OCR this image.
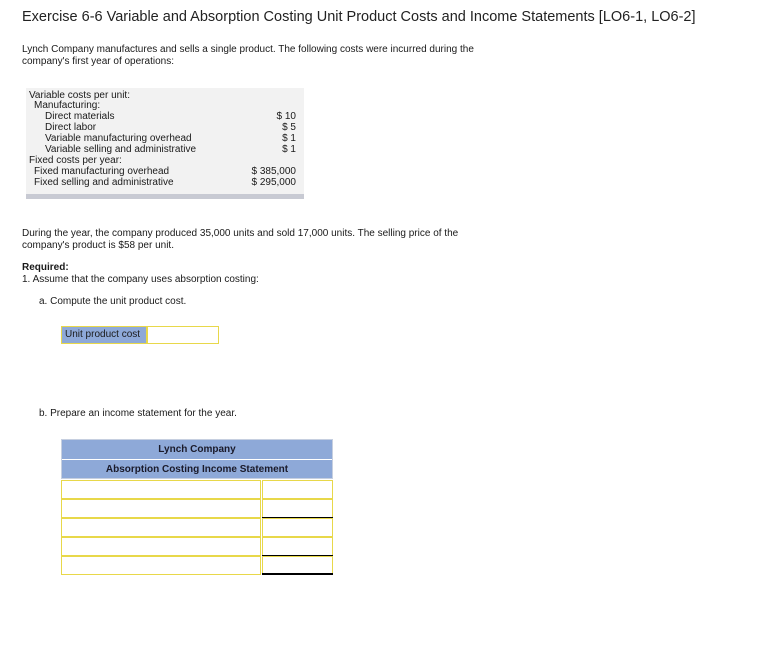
Exercise 6-6 Variable and Absorption Costing Unit Product Costs and Income Statements [LO6-1, LO6-2]
Lynch Company manufactures and sells a single product. The following costs were incurred during the company's first year of operations:
Variable costs per unit:
Manufacturing:
Direct materials	$ 10
Direct labor	$ 5
Variable manufacturing overhead	$ 1
Variable selling and administrative	$ 1
Fixed costs per year:
Fixed manufacturing overhead	$ 385,000
Fixed selling and administrative	$ 295,000
During the year, the company produced 35,000 units and sold 17,000 units. The selling price of the company's product is $58 per unit.
Required:
1. Assume that the company uses absorption costing:
a. Compute the unit product cost.
Unit product cost
b. Prepare an income statement for the year.
Lynch Company
Absorption Costing Income Statement
